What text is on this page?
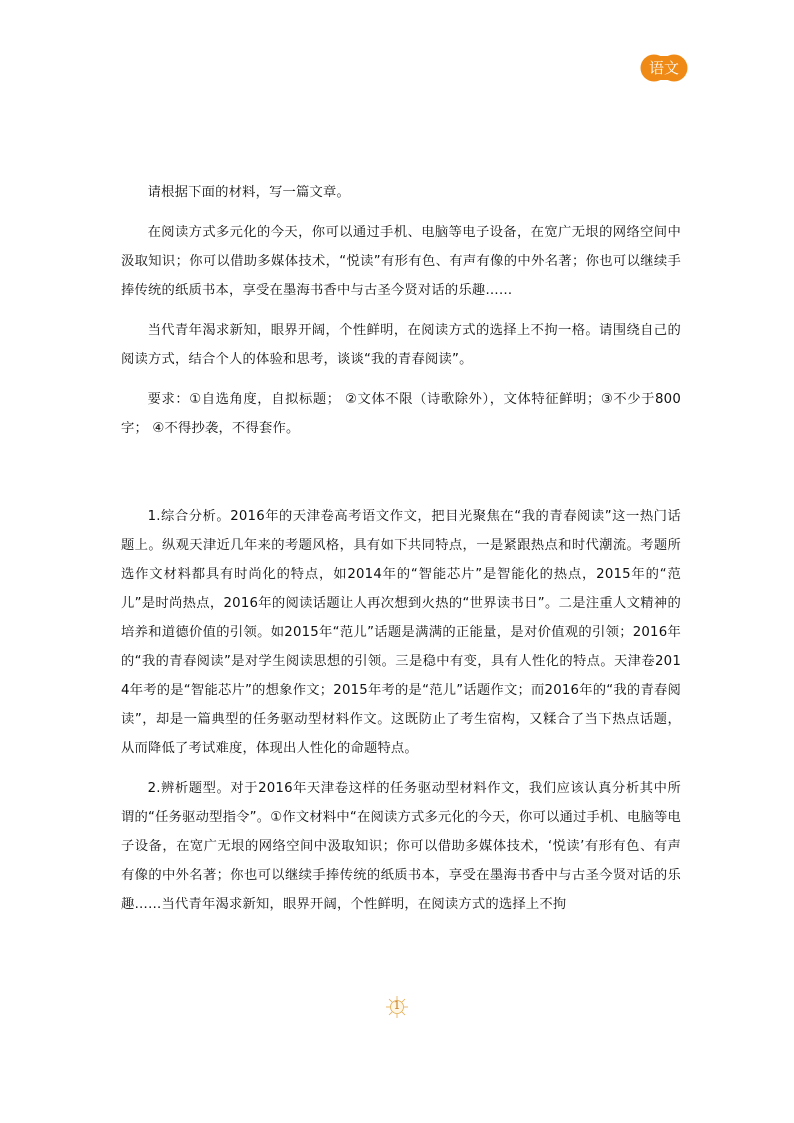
语文

请根据下面的材料，写一篇文章。

在阅读方式多元化的今天，你可以通过手机、电脑等电子设备，在宽广无垠的网络空间中汲取知识；你可以借助多媒体技术，“悦读”有形有色、有声有像的中外名著；你也可以继续手捧传统的纸质书本，享受在墨海书香中与古圣今贤对话的乐趣……

当代青年渴求新知，眼界开阔，个性鲜明，在阅读方式的选择上不拘一格。请围绕自己的阅读方式，结合个人的体验和思考，谈谈“我的青春阅读”。

要求：①自选角度，自拟标题； ②文体不限（诗歌除外），文体特征鲜明；③不少于800字； ④不得抄袭，不得套作。

1.综合分析。2016年的天津卷高考语文作文，把目光聚焦在“我的青春阅读”这一热门话题上。纵观天津近几年来的考题风格，具有如下共同特点，一是紧跟热点和时代潮流。考题所选作文材料都具有时尚化的特点，如2014年的“智能芯片”是智能化的热点，2015年的“范儿”是时尚热点，2016年的阅读话题让人再次想到火热的“世界读书日”。二是注重人文精神的培养和道德价值的引领。如2015年“范儿”话题是满满的正能量，是对价值观的引领；2016年的“我的青春阅读”是对学生阅读思想的引领。三是稳中有变，具有人性化的特点。天津卷2014年考的是“智能芯片”的想象作文；2015年考的是“范儿”话题作文；而2016年的“我的青春阅读”，却是一篇典型的任务驱动型材料作文。这既防止了考生宿构，又糅合了当下热点话题，从而降低了考试难度，体现出人性化的命题特点。

2.辨析题型。对于2016年天津卷这样的任务驱动型材料作文，我们应该认真分析其中所谓的“任务驱动型指令”。①作文材料中“在阅读方式多元化的今天，你可以通过手机、电脑等电子设备，在宽广无垠的网络空间中汲取知识；你可以借助多媒体技术，‘悦读’有形有色、有声有像的中外名著；你也可以继续手捧传统的纸质书本，享受在墨海书香中与古圣今贤对话的乐趣……当代青年渴求新知，眼界开阔，个性鲜明，在阅读方式的选择上不拘

1
